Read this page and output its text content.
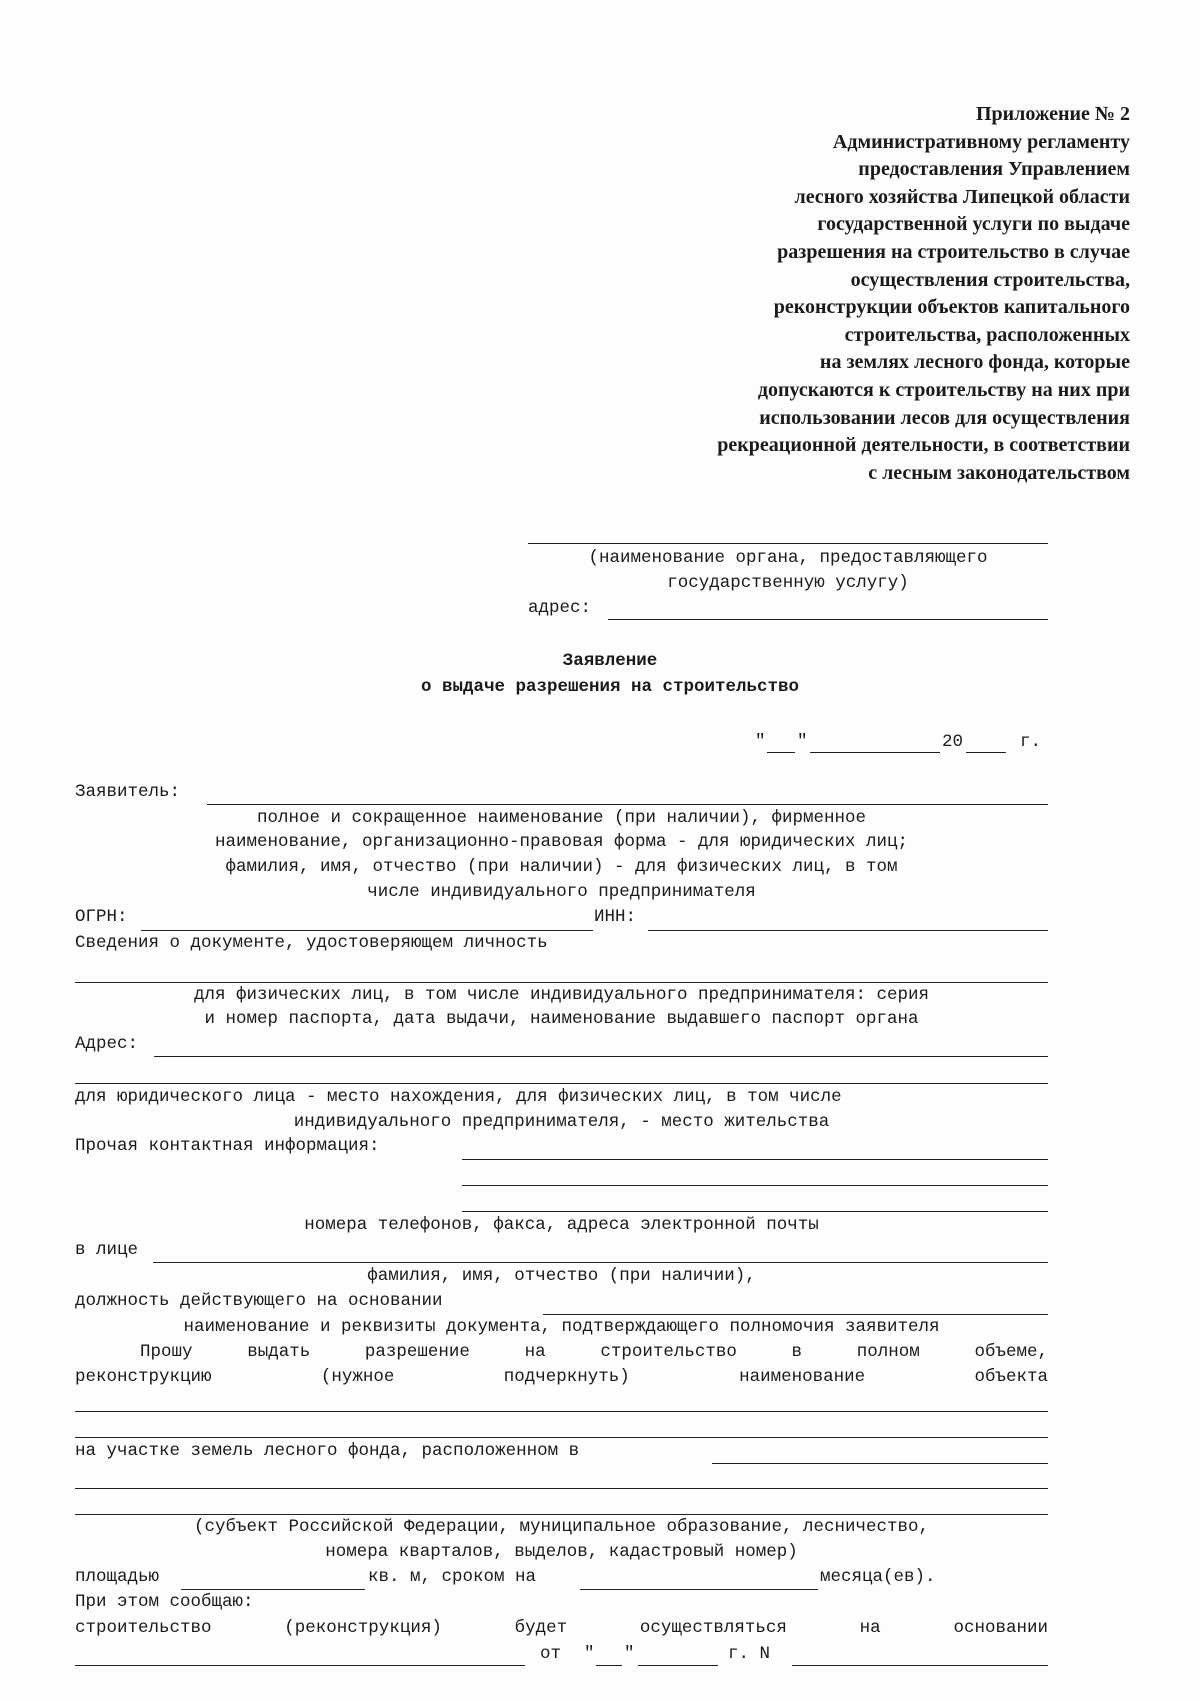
Приложение № 2
Административному регламенту
предоставления Управлением
лесного хозяйства Липецкой области
государственной услуги по выдаче
разрешения на строительство в случае
осуществления строительства,
реконструкции объектов капитального
строительства, расположенных
на землях лесного фонда, которые
допускаются к строительству на них при
использовании лесов для осуществления
рекреационной деятельности, в соответствии
с лесным законодательством
(наименование органа, предоставляющего
государственную услугу)
адрес:
Заявление
о выдаче разрешения на строительство
" "	20	г.
Заявитель:
полное и сокращенное наименование (при наличии), фирменное
наименование, организационно-правовая форма - для юридических лиц;
фамилия, имя, отчество (при наличии) - для физических лиц, в том
числе индивидуального предпринимателя
ОГРН:	ИНН:
Сведения о документе, удостоверяющем личность
для физических лиц, в том числе индивидуального предпринимателя: серия
и номер паспорта, дата выдачи, наименование выдавшего паспорт органа
Адрес:
для юридического лица - место нахождения, для физических лиц, в том числе
индивидуального предпринимателя, - место жительства
Прочая контактная информация:
номера телефонов, факса, адреса электронной почты
в лице
фамилия, имя, отчество (при наличии),
должность действующего на основании
наименование и реквизиты документа, подтверждающего полномочия заявителя
Прошу	выдать	разрешение	на	строительство	в	полном	объеме,
реконструкцию	(нужное	подчеркнуть)	наименование	объекта
на участке земель лесного фонда, расположенном в
(субъект Российской Федерации, муниципальное образование, лесничество,
номера кварталов, выделов, кадастровый номер)
площадью	кв. м, сроком на	месяца(ев).
При этом сообщаю:
строительство	(реконструкция)	будет	осуществляться	на	основании
от " "	г. N
